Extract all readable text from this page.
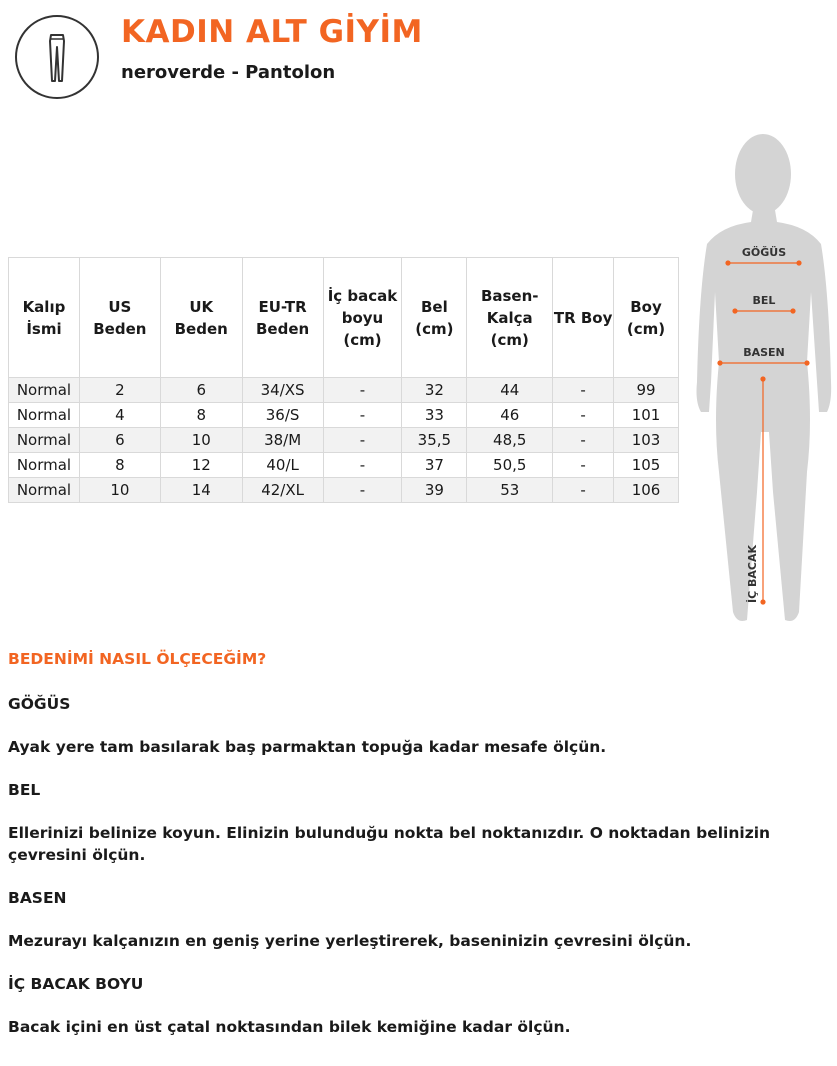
KADIN ALT GİYİM
neroverde - Pantolon
Kalıp İsmi	US Beden	UK Beden	EU-TR Beden	İç bacak boyu (cm)	Bel (cm)	Basen-Kalça (cm)	TR Boy	Boy (cm)
Normal	2	6	34/XS	-	32	44	-	99
Normal	4	8	36/S	-	33	46	-	101
Normal	6	10	38/M	-	35,5	48,5	-	103
Normal	8	12	40/L	-	37	50,5	-	105
Normal	10	14	42/XL	-	39	53	-	106
GÖĞÜS
BEL
BASEN
İÇ BACAK
BEDENİMİ NASIL ÖLÇECEĞİM?

GÖĞÜS

Ayak yere tam basılarak baş parmaktan topuğa kadar mesafe ölçün.

BEL

Ellerinizi belinize koyun. Elinizin bulunduğu nokta bel noktanızdır. O noktadan belinizin çevresini ölçün.

BASEN

Mezurayı kalçanızın en geniş yerine yerleştirerek, baseninizin çevresini ölçün.

İÇ BACAK BOYU

Bacak içini en üst çatal noktasından bilek kemiğine kadar ölçün.
